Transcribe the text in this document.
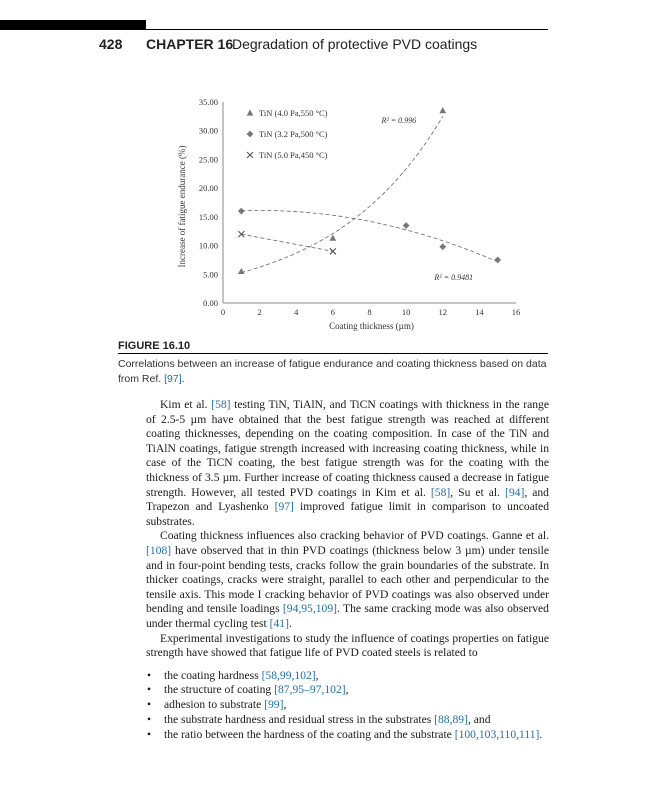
428 CHAPTER 16
Degradation of protective PVD coatings
0.00
5.00
10.00
15.00
20.00
25.00
30.00
35.00
0	2	4	6	8	10	12	14	16
Coating thickness (µm)
Increase of fatigue endurance (%)
R² = 0.996
R² = 0.9481
TiN (4.0 Pa,550 °C)
TiN (3.2 Pa,500 °C)
TiN (5.0 Pa,450 °C)
FIGURE 16.10
Correlations between an increase of fatigue endurance and coating thickness based on data from Ref. [97].

Kim et al. [58] testing TiN, TiAlN, and TiCN coatings with thickness in the range of 2.5-5 µm have obtained that the best fatigue strength was reached at different coating thicknesses, depending on the coating composition. In case of the TiN and TiAlN coatings, fatigue strength increased with increasing coating thickness, while in case of the TiCN coating, the best fatigue strength was for the coating with the thickness of 3.5 µm. Further increase of coating thickness caused a decrease in fatigue strength. However, all tested PVD coatings in Kim et al. [58], Su et al. [94], and Trapezon and Lyashenko [97] improved fatigue limit in comparison to uncoated substrates.

Coating thickness influences also cracking behavior of PVD coatings. Ganne et al. [108] have observed that in thin PVD coatings (thickness below 3 µm) under tensile and in four-point bending tests, cracks follow the grain boundaries of the substrate. In thicker coatings, cracks were straight, parallel to each other and perpendicular to the tensile axis. This mode I cracking behavior of PVD coatings was also observed under bending and tensile loadings [94,95,109]. The same cracking mode was also observed under thermal cycling test [41].

Experimental investigations to study the influence of coatings properties on fatigue strength have showed that fatigue life of PVD coated steels is related to

• the coating hardness [58,99,102],
• the structure of coating [87,95–97,102],
• adhesion to substrate [99],
• the substrate hardness and residual stress in the substrates [88,89], and
• the ratio between the hardness of the coating and the substrate [100,103,110,111].
